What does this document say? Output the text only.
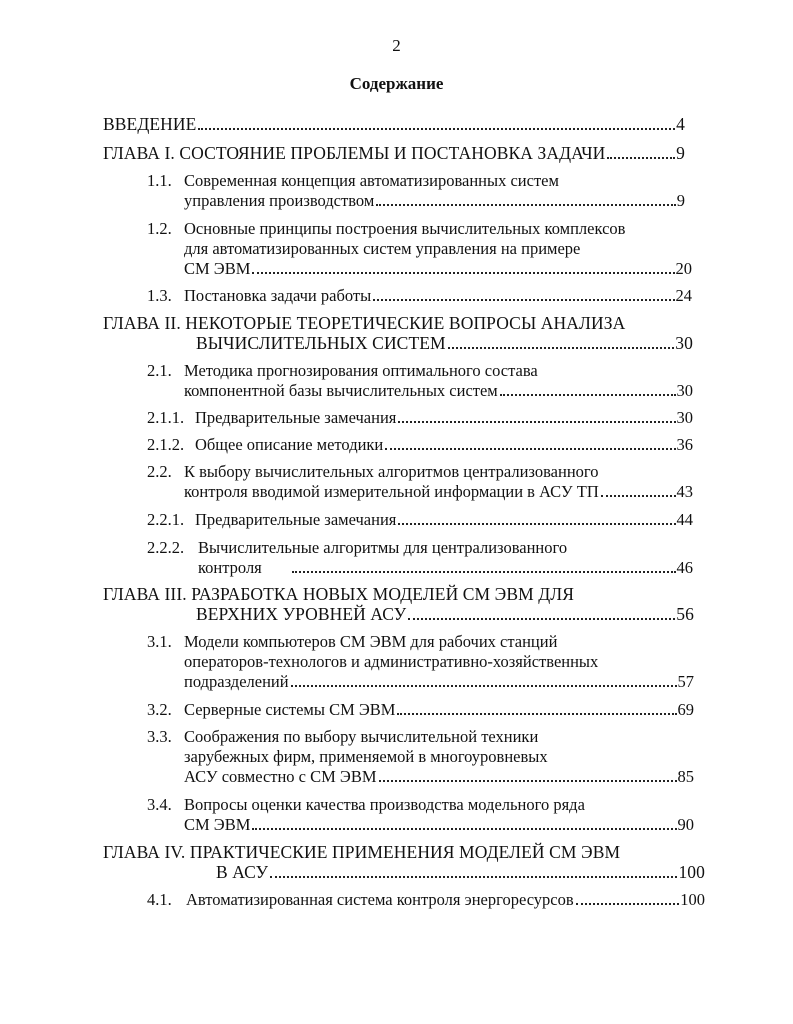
2
Содержание
ВВЕДЕНИЕ	4
ГЛАВА I. СОСТОЯНИЕ ПРОБЛЕМЫ И ПОСТАНОВКА ЗАДАЧИ	9
1.1. Современная концепция автоматизированных систем
управления производством	9
1.2. Основные принципы построения вычислительных комплексов
для автоматизированных систем управления на примере
СМ ЭВМ	20
1.3. Постановка задачи работы	24
ГЛАВА II. НЕКОТОРЫЕ ТЕОРЕТИЧЕСКИЕ ВОПРОСЫ АНАЛИЗА
ВЫЧИСЛИТЕЛЬНЫХ СИСТЕМ	30
2.1. Методика прогнозирования оптимального состава
компонентной базы вычислительных систем	30
2.1.1. Предварительные замечания	30
2.1.2. Общее описание методики	36
2.2. К выбору вычислительных алгоритмов централизованного
контроля вводимой измерительной информации в АСУ ТП	43
2.2.1. Предварительные замечания	44
2.2.2. Вычислительные алгоритмы для централизованного
контроля	46
ГЛАВА III. РАЗРАБОТКА НОВЫХ МОДЕЛЕЙ СМ ЭВМ ДЛЯ
ВЕРХНИХ УРОВНЕЙ АСУ	56
3.1. Модели компьютеров СМ ЭВМ для рабочих станций
операторов-технологов и административно-хозяйственных
подразделений	57
3.2. Серверные системы СМ ЭВМ	69
3.3. Соображения по выбору вычислительной техники
зарубежных фирм, применяемой в многоуровневых
АСУ совместно с СМ ЭВМ	85
3.4. Вопросы оценки качества производства модельного ряда
СМ ЭВМ	90
ГЛАВА IV. ПРАКТИЧЕСКИЕ ПРИМЕНЕНИЯ МОДЕЛЕЙ СМ ЭВМ
В АСУ	100
4.1. Автоматизированная система контроля энергоресурсов	100
